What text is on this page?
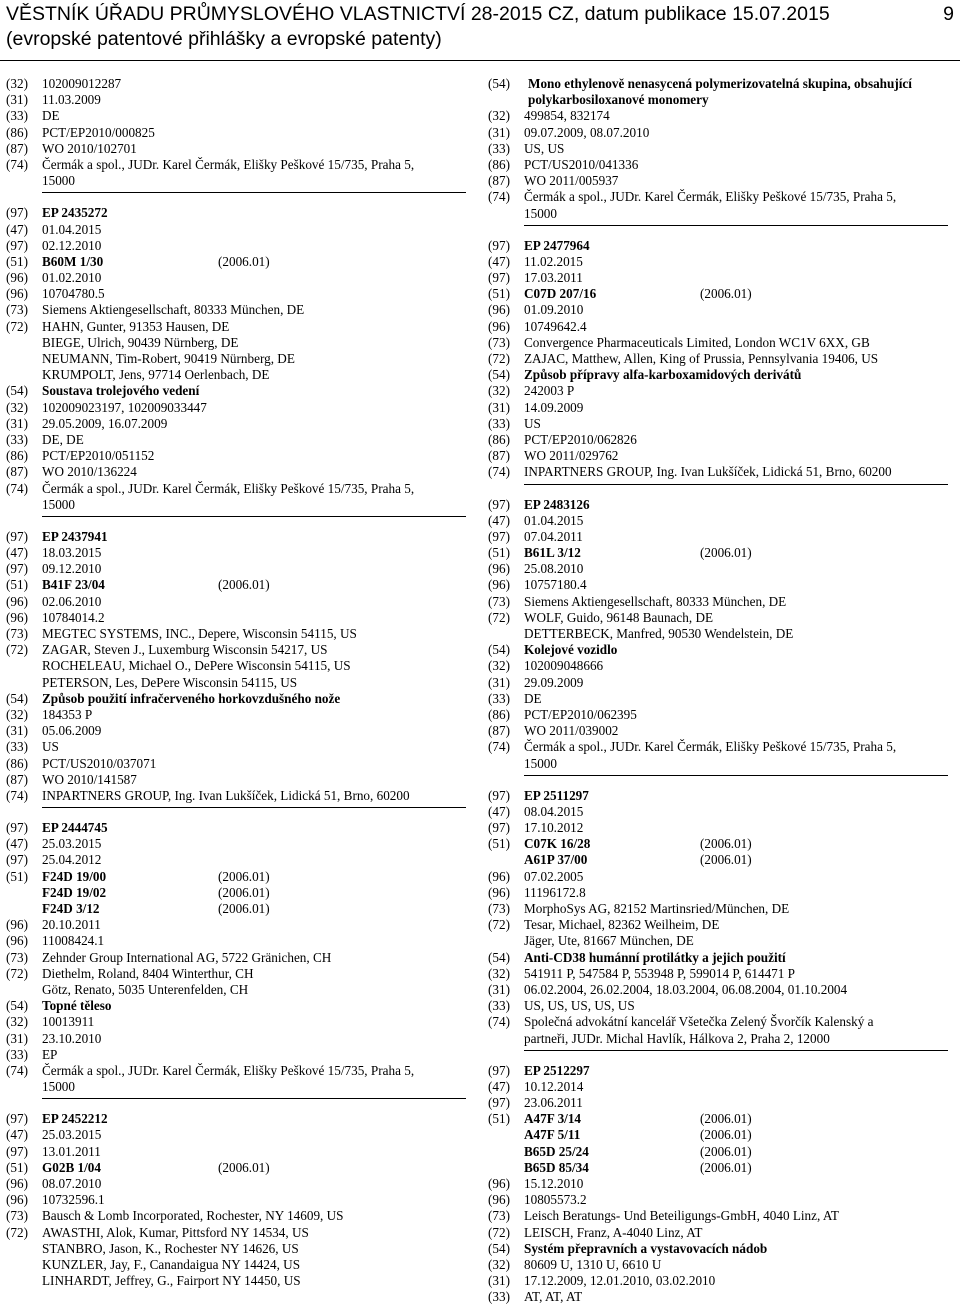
VĚSTNÍK ÚŘADU PRŮMYSLOVÉHO VLASTNICTVÍ 28-2015 CZ, datum publikace 15.07.2015
(evropské patentové přihlášky a evropské patenty)
9
(32) 102009012287
(31) 11.03.2009
(33) DE
(86) PCT/EP2010/000825
(87) WO 2010/102701
(74) Čermák a spol., JUDr. Karel Čermák, Elišky Peškové 15/735, Praha 5,
15000
(97) EP 2435272
(47) 01.04.2015
(97) 02.12.2010
(51) B60M 1/30	(2006.01)
(96) 01.02.2010
(96) 10704780.5
(73) Siemens Aktiengesellschaft, 80333 München, DE
(72) HAHN, Gunter, 91353 Hausen, DE
BIEGE, Ulrich, 90439 Nürnberg, DE
NEUMANN, Tim-Robert, 90419 Nürnberg, DE
KRUMPOLT, Jens, 97714 Oerlenbach, DE
(54) Soustava trolejového vedení
(32) 102009023197, 102009033447
(31) 29.05.2009, 16.07.2009
(33) DE, DE
(86) PCT/EP2010/051152
(87) WO 2010/136224
(74) Čermák a spol., JUDr. Karel Čermák, Elišky Peškové 15/735, Praha 5,
15000
(97) EP 2437941
(47) 18.03.2015
(97) 09.12.2010
(51) B41F 23/04	(2006.01)
(96) 02.06.2010
(96) 10784014.2
(73) MEGTEC SYSTEMS, INC., Depere, Wisconsin 54115, US
(72) ZAGAR, Steven J., Luxemburg Wisconsin 54217, US
ROCHELEAU, Michael O., DePere Wisconsin 54115, US
PETERSON, Les, DePere Wisconsin 54115, US
(54) Způsob použití infračerveného horkovzdušného nože
(32) 184353 P
(31) 05.06.2009
(33) US
(86) PCT/US2010/037071
(87) WO 2010/141587
(74) INPARTNERS GROUP, Ing. Ivan Lukšíček, Lidická 51, Brno, 60200
(97) EP 2444745
(47) 25.03.2015
(97) 25.04.2012
(51) F24D 19/00	(2006.01)
F24D 19/02	(2006.01)
F24D 3/12	(2006.01)
(96) 20.10.2011
(96) 11008424.1
(73) Zehnder Group International AG, 5722 Gränichen, CH
(72) Diethelm, Roland, 8404 Winterthur, CH
Götz, Renato, 5035 Unterenfelden, CH
(54) Topné těleso
(32) 10013911
(31) 23.10.2010
(33) EP
(74) Čermák a spol., JUDr. Karel Čermák, Elišky Peškové 15/735, Praha 5,
15000
(97) EP 2452212
(47) 25.03.2015
(97) 13.01.2011
(51) G02B 1/04	(2006.01)
(96) 08.07.2010
(96) 10732596.1
(73) Bausch & Lomb Incorporated, Rochester, NY 14609, US
(72) AWASTHI, Alok, Kumar, Pittsford NY 14534, US
STANBRO, Jason, K., Rochester NY 14626, US
KUNZLER, Jay, F., Canandaigua NY 14424, US
LINHARDT, Jeffrey, G., Fairport NY 14450, US
(54) Mono ethylenově nenasycená polymerizovatelná skupina, obsahující polykarbosiloxanové monomery
(32) 499854, 832174
(31) 09.07.2009, 08.07.2010
(33) US, US
(86) PCT/US2010/041336
(87) WO 2011/005937
(74) Čermák a spol., JUDr. Karel Čermák, Elišky Peškové 15/735, Praha 5,
15000
(97) EP 2477964
(47) 11.02.2015
(97) 17.03.2011
(51) C07D 207/16	(2006.01)
(96) 01.09.2010
(96) 10749642.4
(73) Convergence Pharmaceuticals Limited, London WC1V 6XX, GB
(72) ZAJAC, Matthew, Allen, King of Prussia, Pennsylvania 19406, US
(54) Způsob přípravy alfa-karboxamidových derivátů
(32) 242003 P
(31) 14.09.2009
(33) US
(86) PCT/EP2010/062826
(87) WO 2011/029762
(74) INPARTNERS GROUP, Ing. Ivan Lukšíček, Lidická 51, Brno, 60200
(97) EP 2483126
(47) 01.04.2015
(97) 07.04.2011
(51) B61L 3/12	(2006.01)
(96) 25.08.2010
(96) 10757180.4
(73) Siemens Aktiengesellschaft, 80333 München, DE
(72) WOLF, Guido, 96148 Baunach, DE
DETTERBECK, Manfred, 90530 Wendelstein, DE
(54) Kolejové vozidlo
(32) 102009048666
(31) 29.09.2009
(33) DE
(86) PCT/EP2010/062395
(87) WO 2011/039002
(74) Čermák a spol., JUDr. Karel Čermák, Elišky Peškové 15/735, Praha 5,
15000
(97) EP 2511297
(47) 08.04.2015
(97) 17.10.2012
(51) C07K 16/28	(2006.01)
A61P 37/00	(2006.01)
(96) 07.02.2005
(96) 11196172.8
(73) MorphoSys AG, 82152 Martinsried/München, DE
(72) Tesar, Michael, 82362 Weilheim, DE
Jäger, Ute, 81667 München, DE
(54) Anti-CD38 humánní protilátky a jejich použití
(32) 541911 P, 547584 P, 553948 P, 599014 P, 614471 P
(31) 06.02.2004, 26.02.2004, 18.03.2004, 06.08.2004, 01.10.2004
(33) US, US, US, US, US
(74) Společná advokátní kancelář Všetečka Zelený Švorčík Kalenský a
partneři, JUDr. Michal Havlík, Hálkova 2, Praha 2, 12000
(97) EP 2512297
(47) 10.12.2014
(97) 23.06.2011
(51) A47F 3/14	(2006.01)
A47F 5/11	(2006.01)
B65D 25/24	(2006.01)
B65D 85/34	(2006.01)
(96) 15.12.2010
(96) 10805573.2
(73) Leisch Beratungs- Und Beteiligungs-GmbH, 4040 Linz, AT
(72) LEISCH, Franz, A-4040 Linz, AT
(54) Systém přepravních a vystavovacích nádob
(32) 80609 U, 1310 U, 6610 U
(31) 17.12.2009, 12.01.2010, 03.02.2010
(33) AT, AT, AT
